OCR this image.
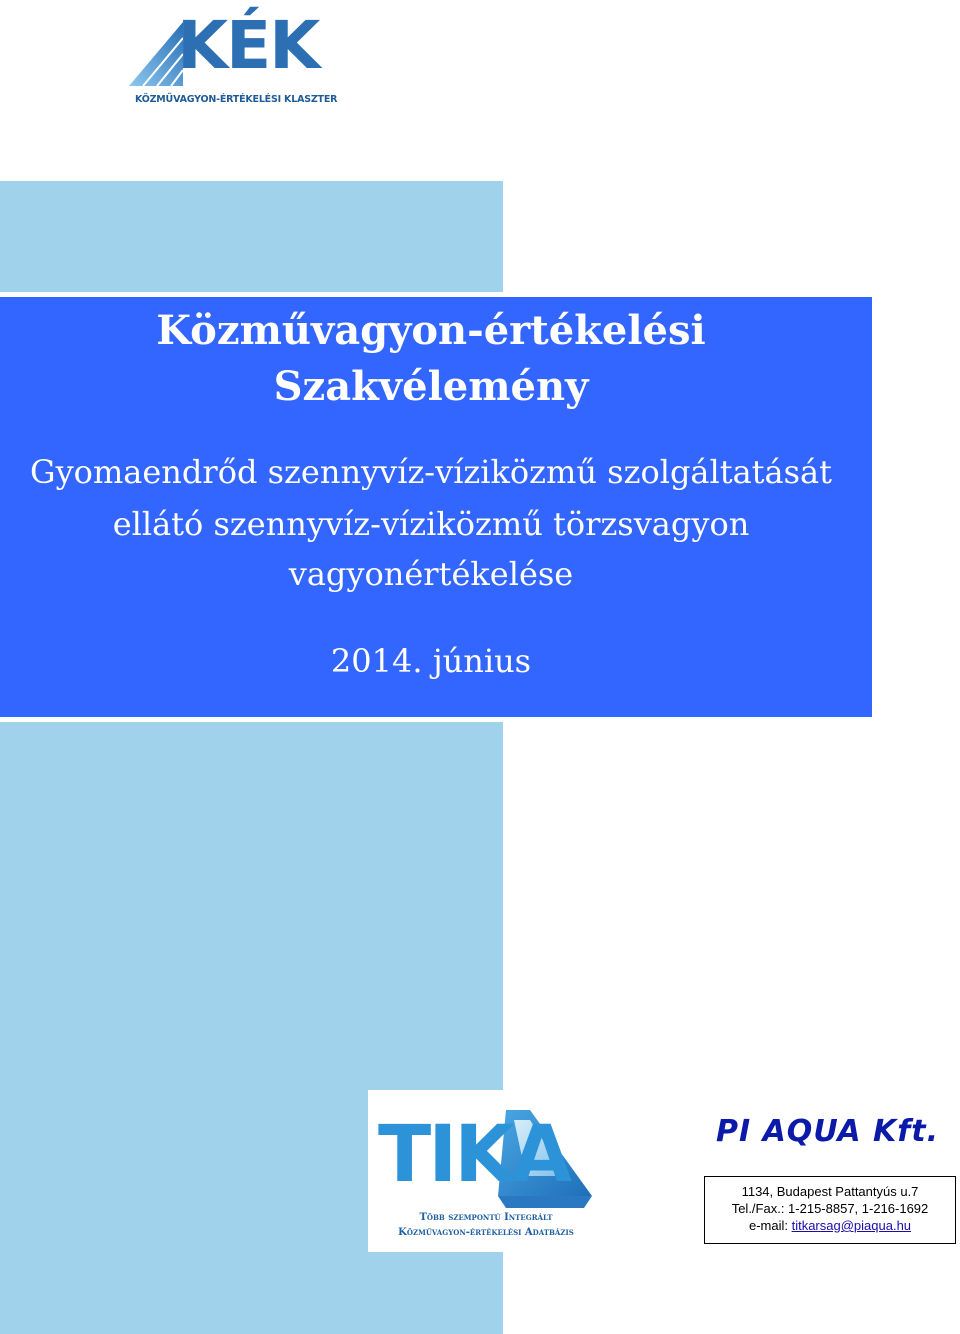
KÉK
KÖZMŰVAGYON-ÉRTÉKELÉSI KLASZTER
Közművagyon-értékelési
Szakvélemény
Gyomaendrőd szennyvíz-víziközmű szolgáltatását
ellátó szennyvíz-víziközmű törzsvagyon
vagyonértékelése
2014. június
TIKA
Több szempontú Integrált
Közművagyon-értékelési Adatbázis
PI AQUA Kft.
1134, Budapest Pattantyús u.7
Tel./Fax.: 1-215-8857, 1-216-1692
e-mail: titkarsag@piaqua.hu
